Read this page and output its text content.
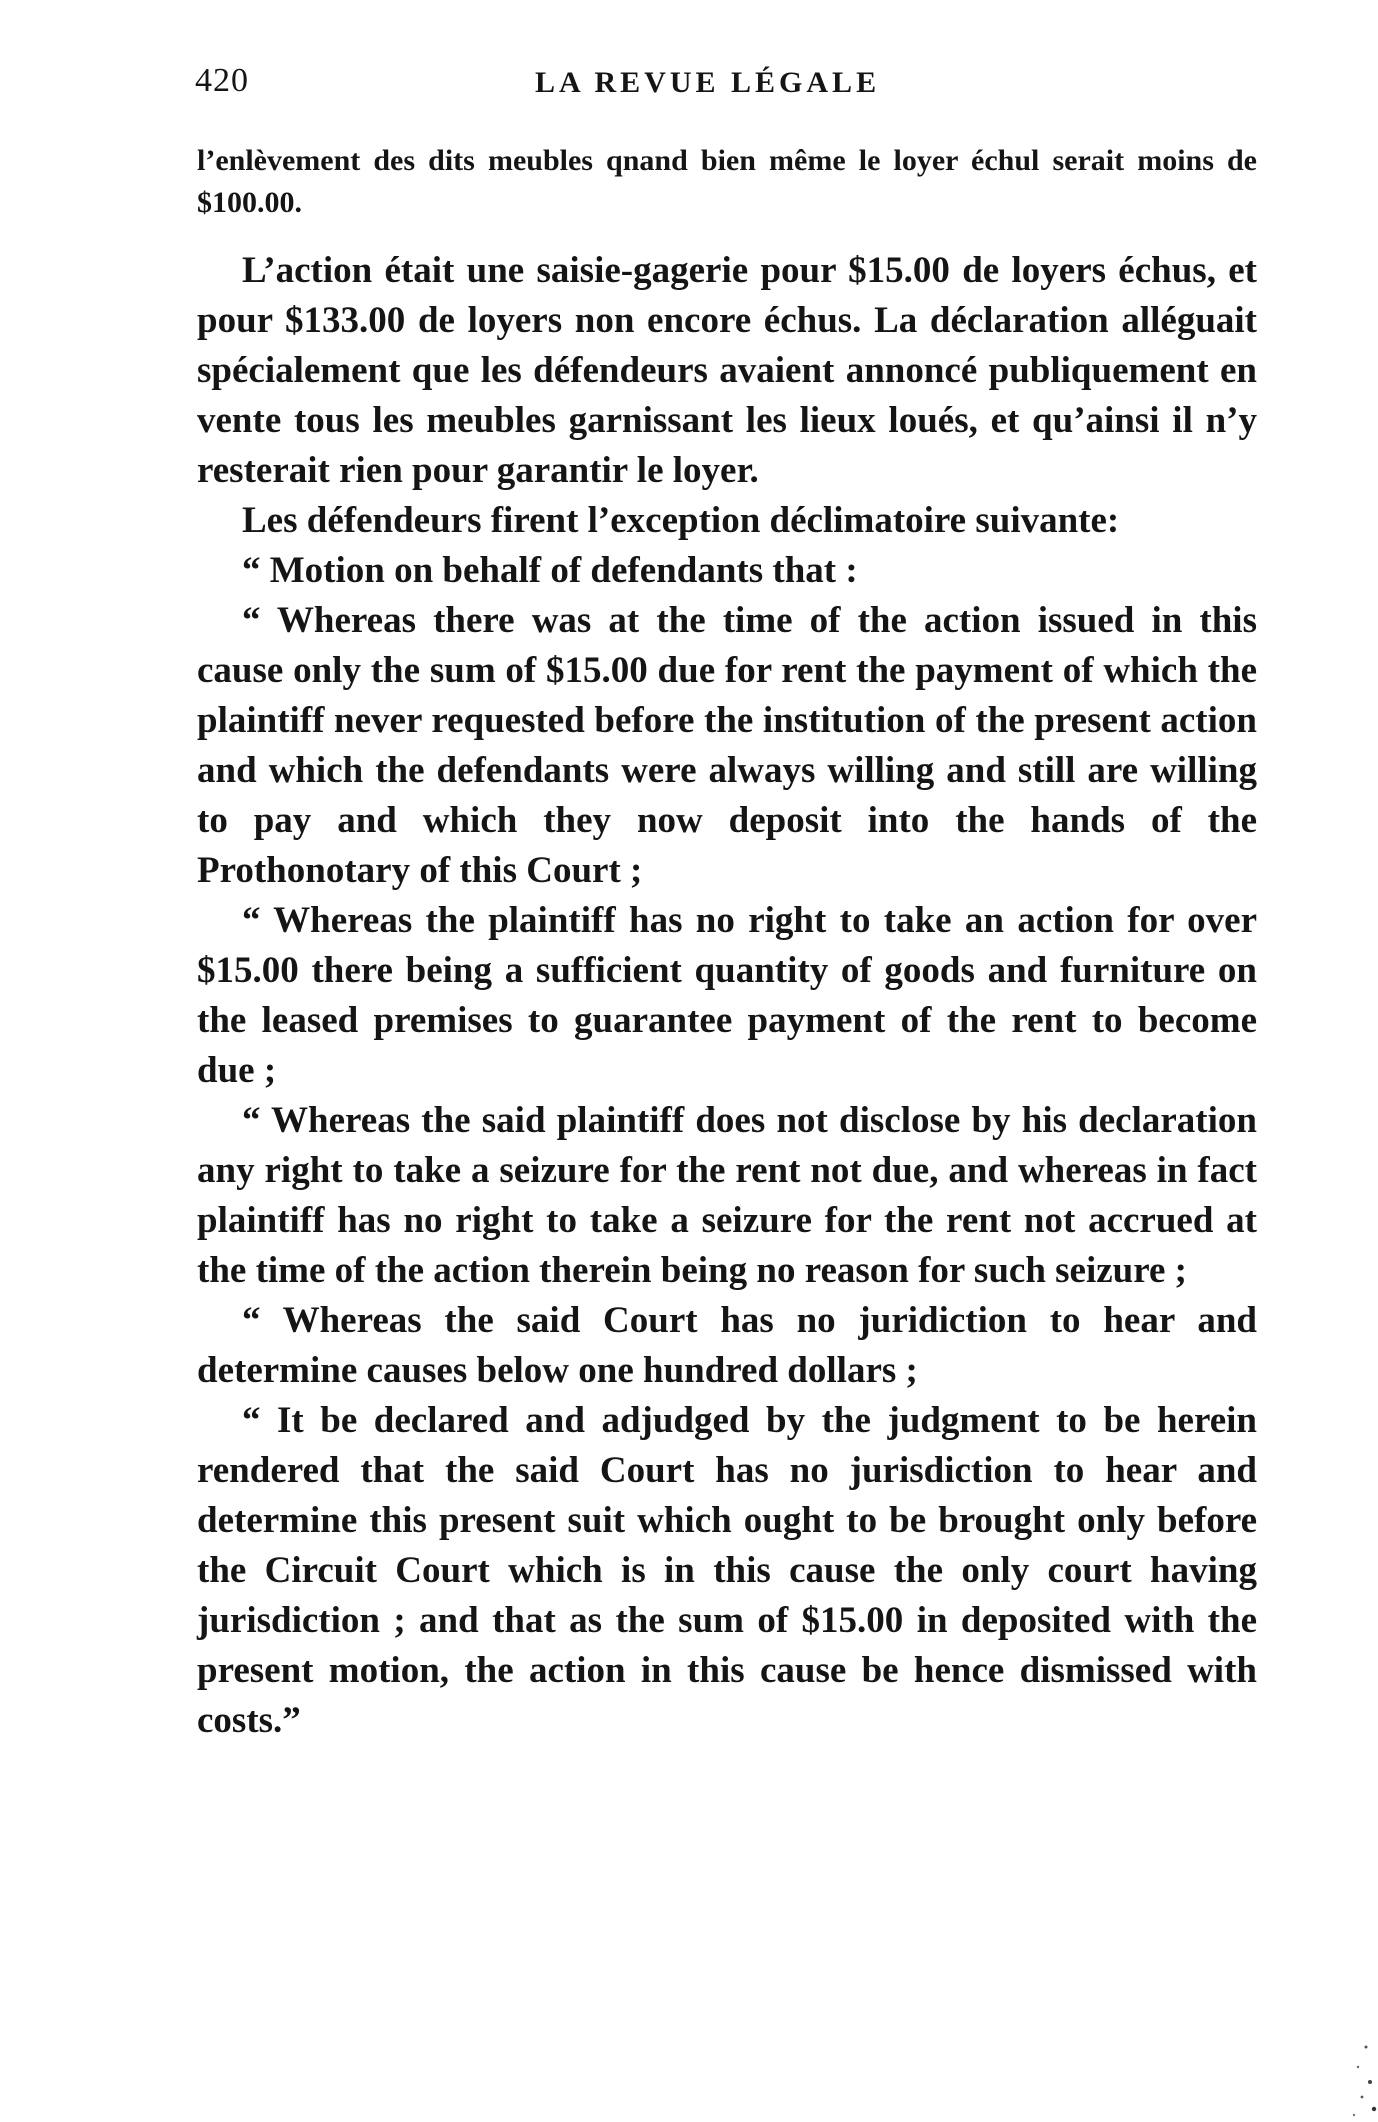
420	LA REVUE LÉGALE

l’enlèvement des dits meubles qnand bien même le loyer échul serait moins de $100.00.

L’action était une saisie-gagerie pour $15.00 de loyers échus, et pour $133.00 de loyers non encore échus. La déclaration alléguait spécialement que les défendeurs avaient annoncé publiquement en vente tous les meubles garnissant les lieux loués, et qu’ainsi il n’y resterait rien pour garantir le loyer.

Les défendeurs firent l’exception déclimatoire suivante:

“ Motion on behalf of defendants that :

“ Whereas there was at the time of the action issued in this cause only the sum of $15.00 due for rent the payment of which the plaintiff never requested before the institution of the present action and which the defendants were always willing and still are willing to pay and which they now deposit into the hands of the Prothonotary of this Court ;

“ Whereas the plaintiff has no right to take an action for over $15.00 there being a sufficient quantity of goods and furniture on the leased premises to guarantee payment of the rent to become due ;

“ Whereas the said plaintiff does not disclose by his declaration any right to take a seizure for the rent not due, and whereas in fact plaintiff has no right to take a seizure for the rent not accrued at the time of the action therein being no reason for such seizure ;

“ Whereas the said Court has no juridiction to hear and determine causes below one hundred dollars ;

“ It be declared and adjudged by the judgment to be herein rendered that the said Court has no jurisdiction to hear and determine this present suit which ought to be brought only before the Circuit Court which is in this cause the only court having jurisdiction ; and that as the sum of $15.00 in deposited with the present motion, the action in this cause be hence dismissed with costs.”
